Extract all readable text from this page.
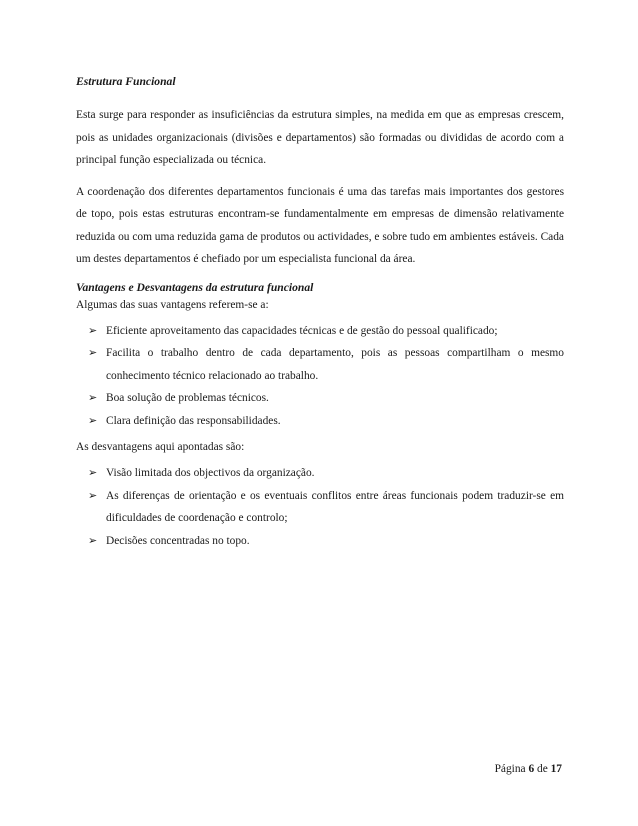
Estrutura Funcional

Esta surge para responder as insuficiências da estrutura simples, na medida em que as empresas crescem, pois as unidades organizacionais (divisões e departamentos) são formadas ou divididas de acordo com a principal função especializada ou técnica.

A coordenação dos diferentes departamentos funcionais é uma das tarefas mais importantes dos gestores de topo, pois estas estruturas encontram-se fundamentalmente em empresas de dimensão relativamente reduzida ou com uma reduzida gama de produtos ou actividades, e sobre tudo em ambientes estáveis. Cada um destes departamentos é chefiado por um especialista funcional da área.

Vantagens e Desvantagens da estrutura funcional
Algumas das suas vantagens referem-se a:
➢ Eficiente aproveitamento das capacidades técnicas e de gestão do pessoal qualificado;
➢ Facilita o trabalho dentro de cada departamento, pois as pessoas compartilham o mesmo conhecimento técnico relacionado ao trabalho.
➢ Boa solução de problemas técnicos.
➢ Clara definição das responsabilidades.
As desvantagens aqui apontadas são:
➢ Visão limitada dos objectivos da organização.
➢ As diferenças de orientação e os eventuais conflitos entre áreas funcionais podem traduzir-se em dificuldades de coordenação e controlo;
➢ Decisões concentradas no topo.
Página 6 de 17
